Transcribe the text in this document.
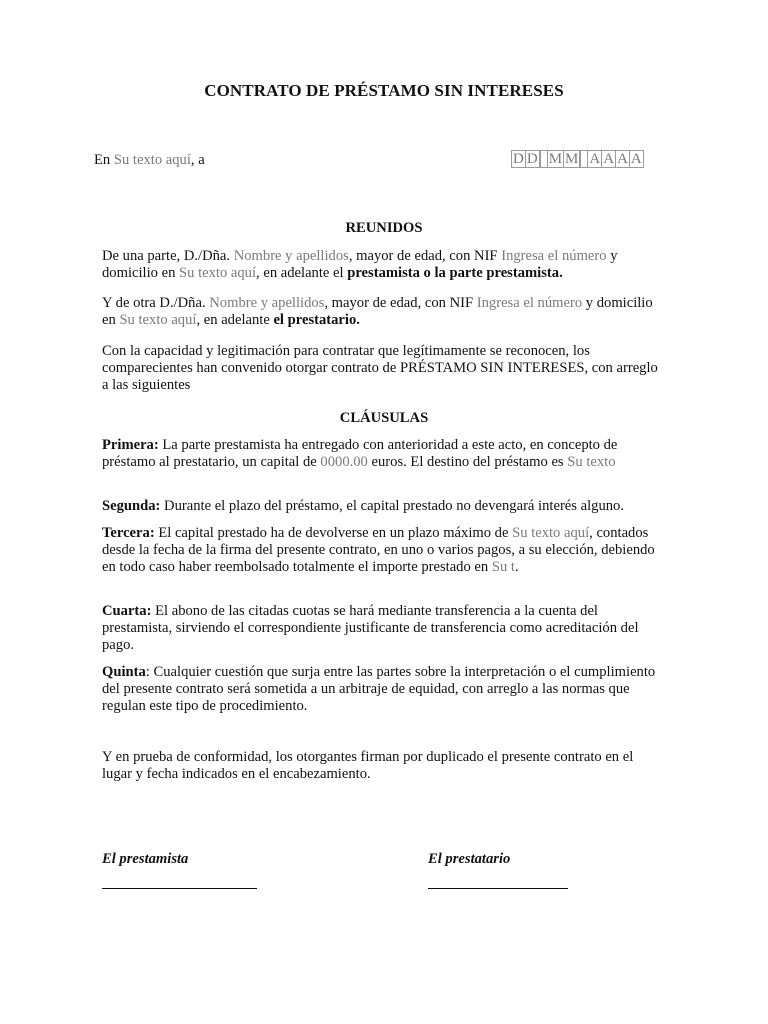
CONTRATO DE PRÉSTAMO SIN INTERESES
En Su texto aquí, a	D D M M A A A A
REUNIDOS

De una parte, D./Dña. Nombre y apellidos, mayor de edad, con NIF Ingresa el número y domicilio en Su texto aquí, en adelante el prestamista o la parte prestamista.

Y de otra D./Dña. Nombre y apellidos, mayor de edad, con NIF Ingresa el número y domicilio en Su texto aquí, en adelante el prestatario.

Con la capacidad y legitimación para contratar que legítimamente se reconocen, los comparecientes han convenido otorgar contrato de PRÉSTAMO SIN INTERESES, con arreglo a las siguientes

CLÁUSULAS

Primera: La parte prestamista ha entregado con anterioridad a este acto, en concepto de préstamo al prestatario, un capital de 0000.00 euros. El destino del préstamo es Su texto

Segunda: Durante el plazo del préstamo, el capital prestado no devengará interés alguno.

Tercera: El capital prestado ha de devolverse en un plazo máximo de Su texto aquí, contados desde la fecha de la firma del presente contrato, en uno o varios pagos, a su elección, debiendo en todo caso haber reembolsado totalmente el importe prestado en Su t.

Cuarta: El abono de las citadas cuotas se hará mediante transferencia a la cuenta del prestamista, sirviendo el correspondiente justificante de transferencia como acreditación del pago.

Quinta: Cualquier cuestión que surja entre las partes sobre la interpretación o el cumplimiento del presente contrato será sometida a un arbitraje de equidad, con arreglo a las normas que regulan este tipo de procedimiento.

Y en prueba de conformidad, los otorgantes firman por duplicado el presente contrato en el lugar y fecha indicados en el encabezamiento.

El prestamista	El prestatario
